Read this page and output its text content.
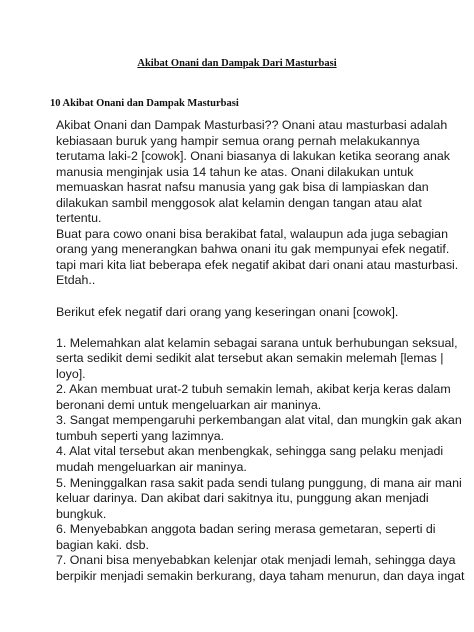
Akibat Onani dan Dampak Dari Masturbasi
10 Akibat Onani dan Dampak Masturbasi
Akibat Onani dan Dampak Masturbasi?? Onani atau masturbasi adalah
kebiasaan buruk yang hampir semua orang pernah melakukannya
terutama laki-2 [cowok]. Onani biasanya di lakukan ketika seorang anak
manusia menginjak usia 14 tahun ke atas. Onani dilakukan untuk
memuaskan hasrat nafsu manusia yang gak bisa di lampiaskan dan
dilakukan sambil menggosok alat kelamin dengan tangan atau alat
tertentu.
Buat para cowo onani bisa berakibat fatal, walaupun ada juga sebagian
orang yang menerangkan bahwa onani itu gak mempunyai efek negatif.
tapi mari kita liat beberapa efek negatif akibat dari onani atau masturbasi.
Etdah..
Berikut efek negatif dari orang yang keseringan onani [cowok].
1. Melemahkan alat kelamin sebagai sarana untuk berhubungan seksual,
serta sedikit demi sedikit alat tersebut akan semakin melemah [lemas |
loyo].
2. Akan membuat urat-2 tubuh semakin lemah, akibat kerja keras dalam
beronani demi untuk mengeluarkan air maninya.
3. Sangat mempengaruhi perkembangan alat vital, dan mungkin gak akan
tumbuh seperti yang lazimnya.
4. Alat vital tersebut akan menbengkak, sehingga sang pelaku menjadi
mudah mengeluarkan air maninya.
5. Meninggalkan rasa sakit pada sendi tulang punggung, di mana air mani
keluar darinya. Dan akibat dari sakitnya itu, punggung akan menjadi
bungkuk.
6. Menyebabkan anggota badan sering merasa gemetaran, seperti di
bagian kaki. dsb.
7. Onani bisa menyebabkan kelenjar otak menjadi lemah, sehingga daya
berpikir menjadi semakin berkurang, daya taham menurun, dan daya ingat
